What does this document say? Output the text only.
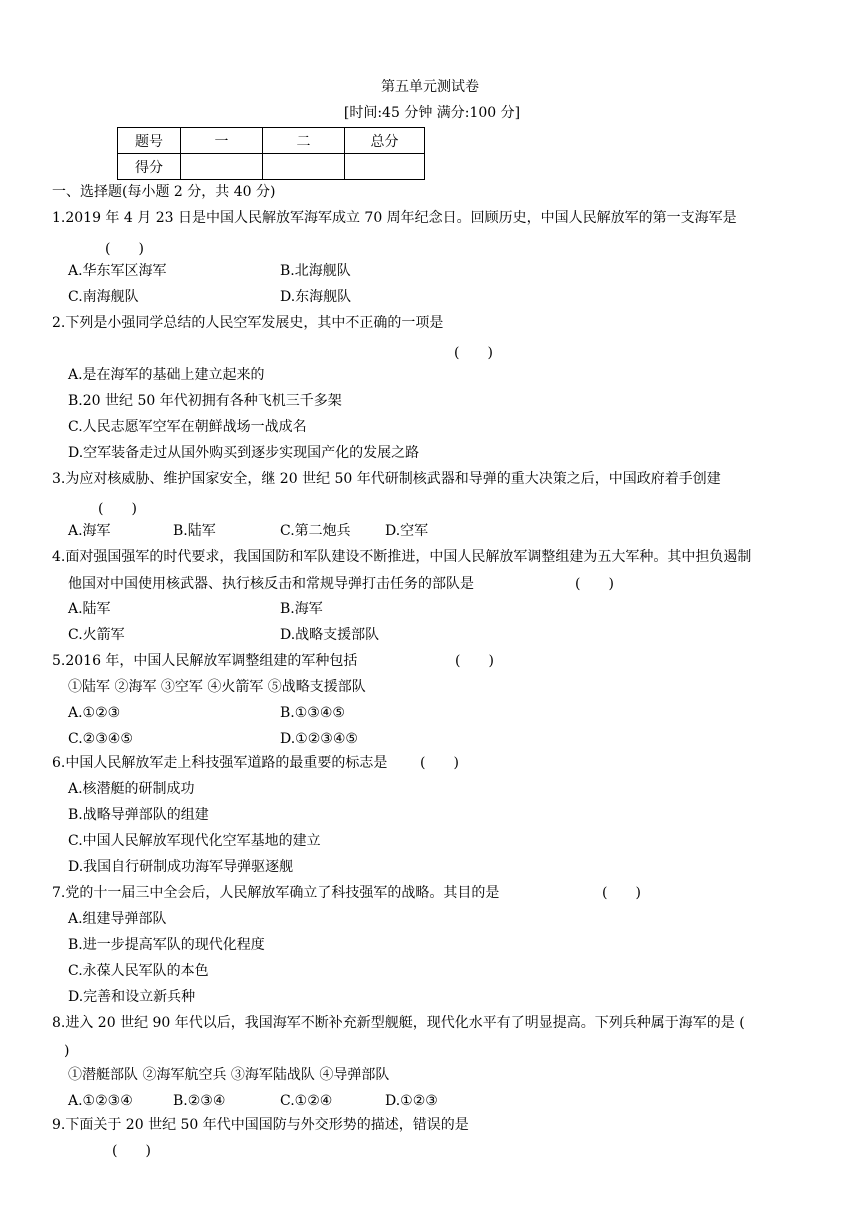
第五单元测试卷
[时间:45 分钟 满分:100 分]
题号	一	二	总分
得分			
一、选择题(每小题 2 分，共 40 分)
1.2019 年 4 月 23 日是中国人民解放军海军成立 70 周年纪念日。回顾历史，中国人民解放军的第一支海军是
(　　)
A.华东军区海军	B.北海舰队
C.南海舰队	D.东海舰队
2.下列是小强同学总结的人民空军发展史，其中不正确的一项是
(　　)
A.是在海军的基础上建立起来的
B.20 世纪 50 年代初拥有各种飞机三千多架
C.人民志愿军空军在朝鲜战场一战成名
D.空军装备走过从国外购买到逐步实现国产化的发展之路
3.为应对核威胁、维护国家安全，继 20 世纪 50 年代研制核武器和导弹的重大决策之后，中国政府着手创建
(　　)
A.海军	B.陆军	C.第二炮兵 D.空军
4.面对强国强军的时代要求，我国国防和军队建设不断推进，中国人民解放军调整组建为五大军种。其中担负遏制
他国对中国使用核武器、执行核反击和常规导弹打击任务的部队是	(　　)
A.陆军	B.海军
C.火箭军	D.战略支援部队
5.2016 年，中国人民解放军调整组建的军种包括	(　　)
①陆军 ②海军 ③空军 ④火箭军 ⑤战略支援部队
A.①②③	B.①③④⑤
C.②③④⑤	D.①②③④⑤
6.中国人民解放军走上科技强军道路的最重要的标志是 (　　)
A.核潜艇的研制成功
B.战略导弹部队的组建
C.中国人民解放军现代化空军基地的建立
D.我国自行研制成功海军导弹驱逐舰
7.党的十一届三中全会后，人民解放军确立了科技强军的战略。其目的是	(　　)
A.组建导弹部队
B.进一步提高军队的现代化程度
C.永葆人民军队的本色
D.完善和设立新兵种
8.进入 20 世纪 90 年代以后，我国海军不断补充新型舰艇，现代化水平有了明显提高。下列兵种属于海军的是 (
)
①潜艇部队 ②海军航空兵 ③海军陆战队 ④导弹部队
A.①②③④	B.②③④	C.①②④	D.①②③
9.下面关于 20 世纪 50 年代中国国防与外交形势的描述，错误的是
(　　)
